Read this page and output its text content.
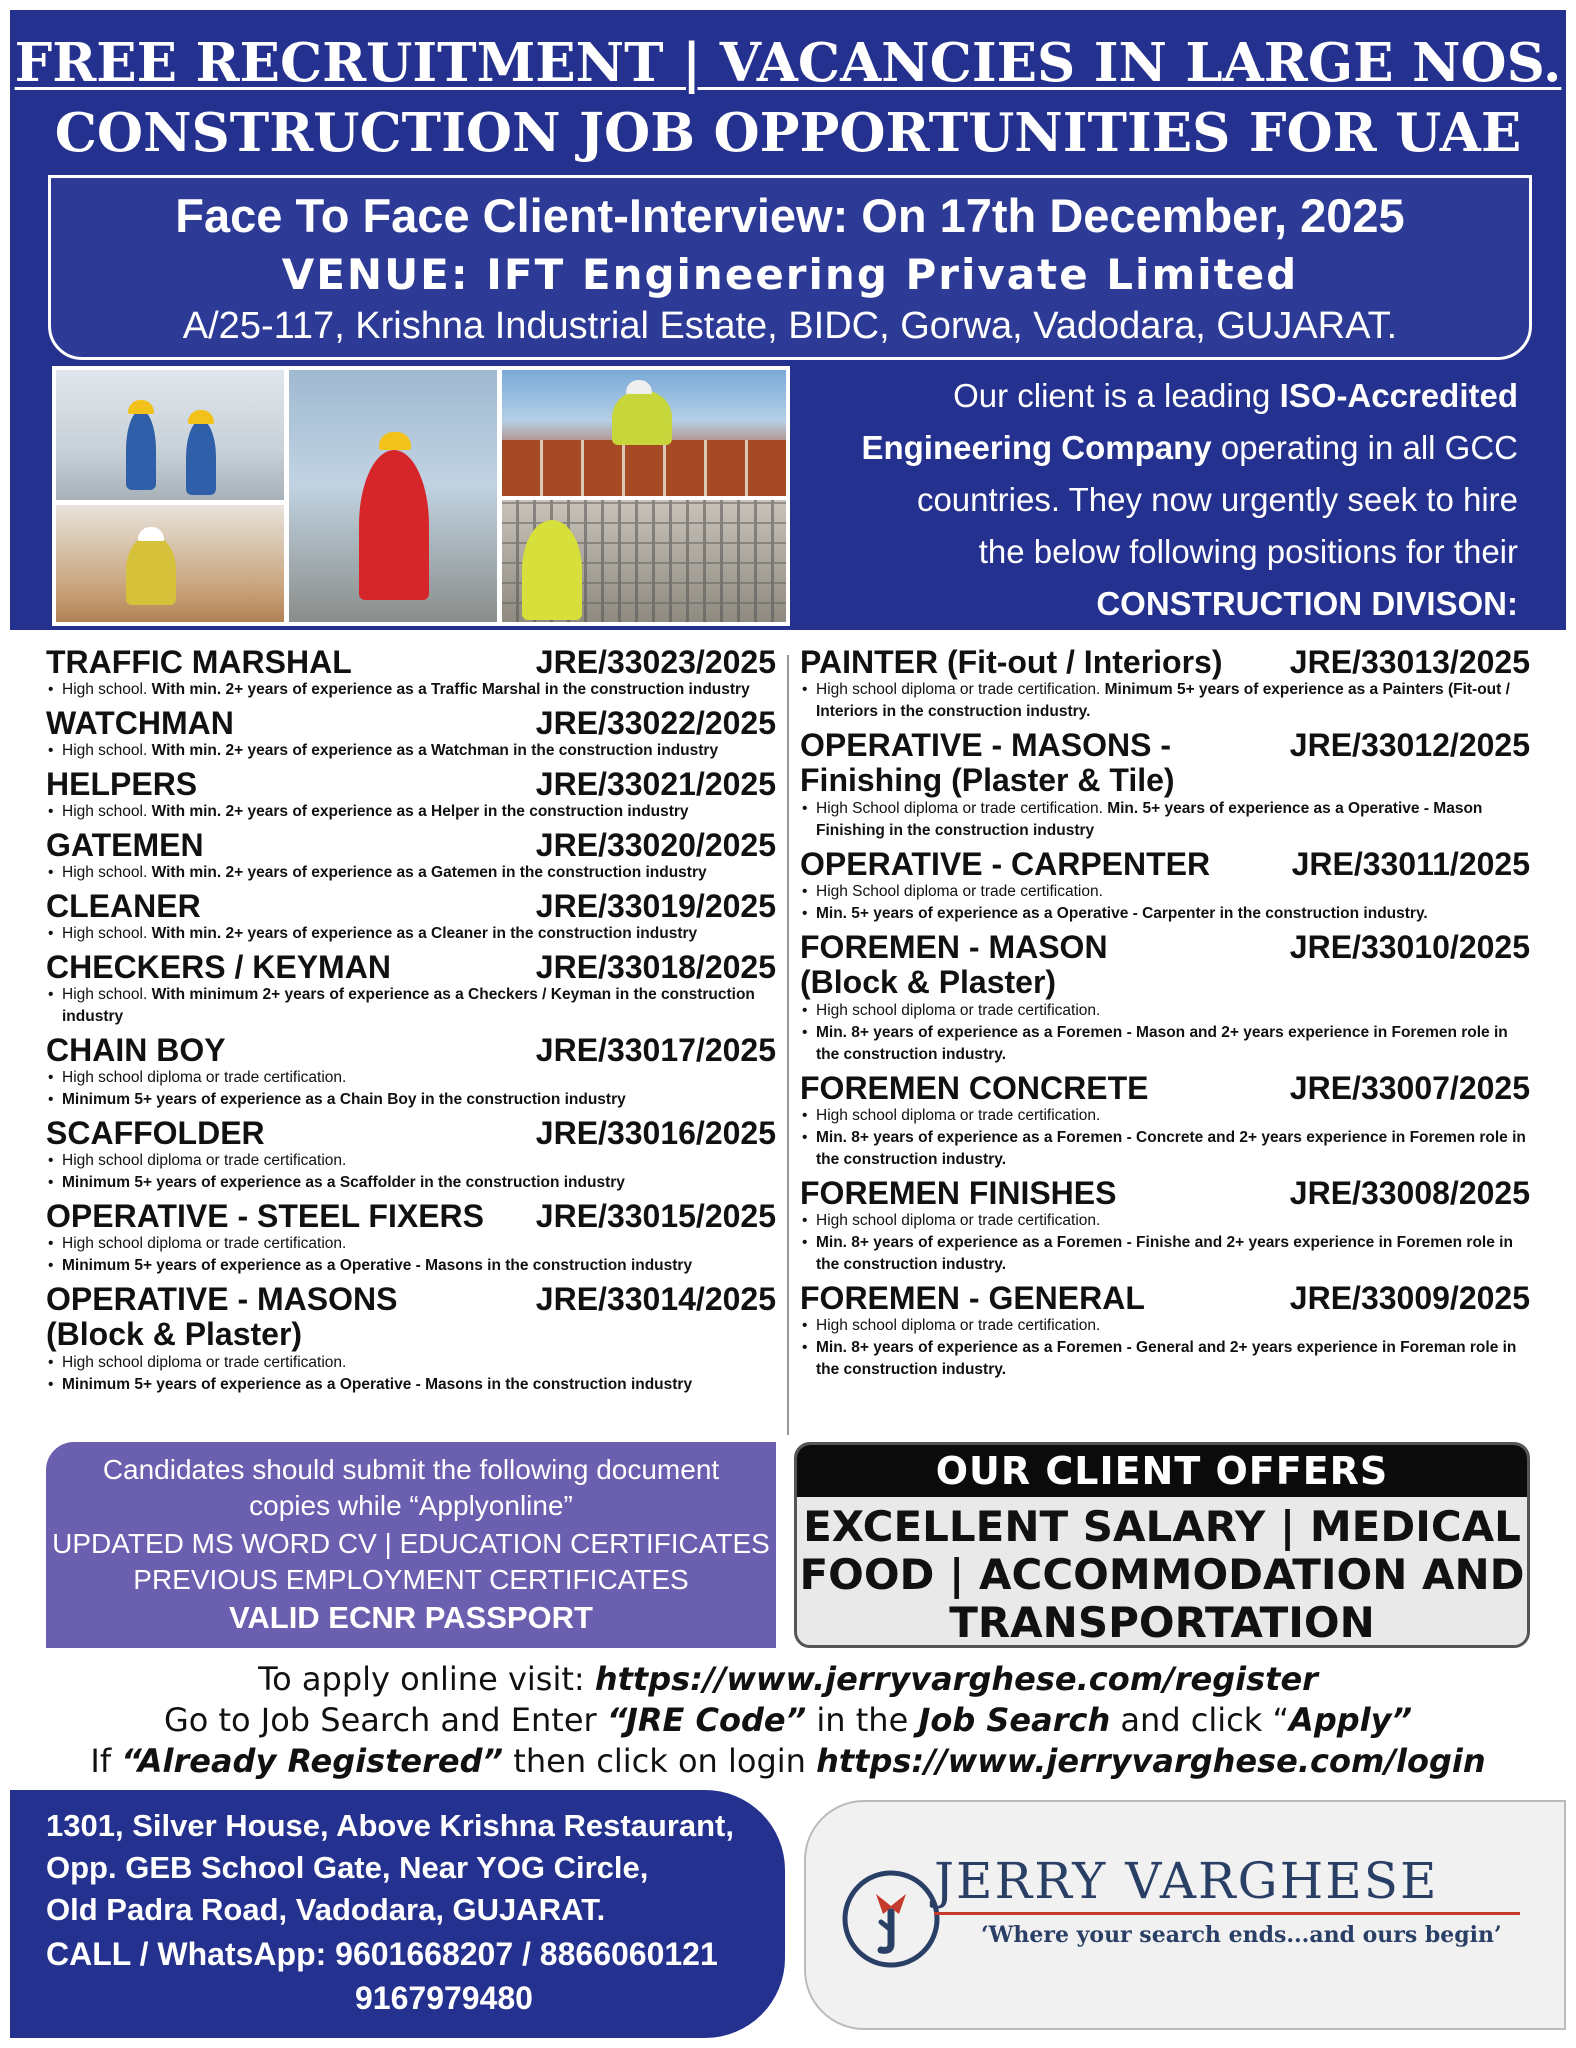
FREE RECRUITMENT | VACANCIES IN LARGE NOS.
CONSTRUCTION JOB OPPORTUNITIES FOR UAE
Face To Face Client-Interview: On 17th December, 2025
VENUE: IFT Engineering Private Limited
A/25-117, Krishna Industrial Estate, BIDC, Gorwa, Vadodara, GUJARAT.
Our client is a leading ISO-Accredited
Engineering Company operating in all GCC
countries. They now urgently seek to hire
the below following positions for their
CONSTRUCTION DIVISON:
TRAFFIC MARSHAL	JRE/33023/2025
• High school. With min. 2+ years of experience as a Traffic Marshal in the construction industry
WATCHMAN	JRE/33022/2025
• High school. With min. 2+ years of experience as a Watchman in the construction industry
HELPERS	JRE/33021/2025
• High school. With min. 2+ years of experience as a Helper in the construction industry
GATEMEN	JRE/33020/2025
• High school. With min. 2+ years of experience as a Gatemen in the construction industry
CLEANER	JRE/33019/2025
• High school. With min. 2+ years of experience as a Cleaner in the construction industry
CHECKERS / KEYMAN	JRE/33018/2025
• High school. With minimum 2+ years of experience as a Checkers / Keyman in the construction industry
CHAIN BOY	JRE/33017/2025
• High school diploma or trade certification.
• Minimum 5+ years of experience as a Chain Boy in the construction industry
SCAFFOLDER	JRE/33016/2025
• High school diploma or trade certification.
• Minimum 5+ years of experience as a Scaffolder in the construction industry
OPERATIVE - STEEL FIXERS JRE/33015/2025
• High school diploma or trade certification.
• Minimum 5+ years of experience as a Operative - Masons in the construction industry
OPERATIVE - MASONS	JRE/33014/2025
(Block & Plaster)
• High school diploma or trade certification.
• Minimum 5+ years of experience as a Operative - Masons in the construction industry
PAINTER (Fit-out / Interiors) JRE/33013/2025
• High school diploma or trade certification. Minimum 5+ years of experience as a Painters (Fit-out / Interiors in the construction industry.
OPERATIVE - MASONS -	JRE/33012/2025
Finishing (Plaster & Tile)
• High School diploma or trade certification. Min. 5+ years of experience as a Operative - Mason Finishing in the construction industry
OPERATIVE - CARPENTER	JRE/33011/2025
• High School diploma or trade certification.
• Min. 5+ years of experience as a Operative - Carpenter in the construction industry.
FOREMEN - MASON	JRE/33010/2025
(Block & Plaster)
• High school diploma or trade certification.
• Min. 8+ years of experience as a Foremen - Mason and 2+ years experience in Foremen role in the construction industry.
FOREMEN CONCRETE	JRE/33007/2025
• High school diploma or trade certification.
• Min. 8+ years of experience as a Foremen - Concrete and 2+ years experience in Foremen role in the construction industry.
FOREMEN FINISHES	JRE/33008/2025
• High school diploma or trade certification.
• Min. 8+ years of experience as a Foremen - Finishe and 2+ years experience in Foremen role in the construction industry.
FOREMEN - GENERAL	JRE/33009/2025
• High school diploma or trade certification.
• Min. 8+ years of experience as a Foremen - General and 2+ years experience in Foreman role in the construction industry.
Candidates should submit the following document
copies while “Applyonline”
UPDATED MS WORD CV | EDUCATION CERTIFICATES
PREVIOUS EMPLOYMENT CERTIFICATES
VALID ECNR PASSPORT
OUR CLIENT OFFERS
EXCELLENT SALARY | MEDICAL
FOOD | ACCOMMODATION AND
TRANSPORTATION
To apply online visit: https://www.jerryvarghese.com/register
Go to Job Search and Enter “JRE Code” in the Job Search and click “Apply”
If “Already Registered” then click on login https://www.jerryvarghese.com/login
1301, Silver House, Above Krishna Restaurant,
Opp. GEB School Gate, Near YOG Circle,
Old Padra Road, Vadodara, GUJARAT.
CALL / WhatsApp: 9601668207 / 8866060121
9167979480
JERRY VARGHESE
‘Where your search ends...and ours begin’
